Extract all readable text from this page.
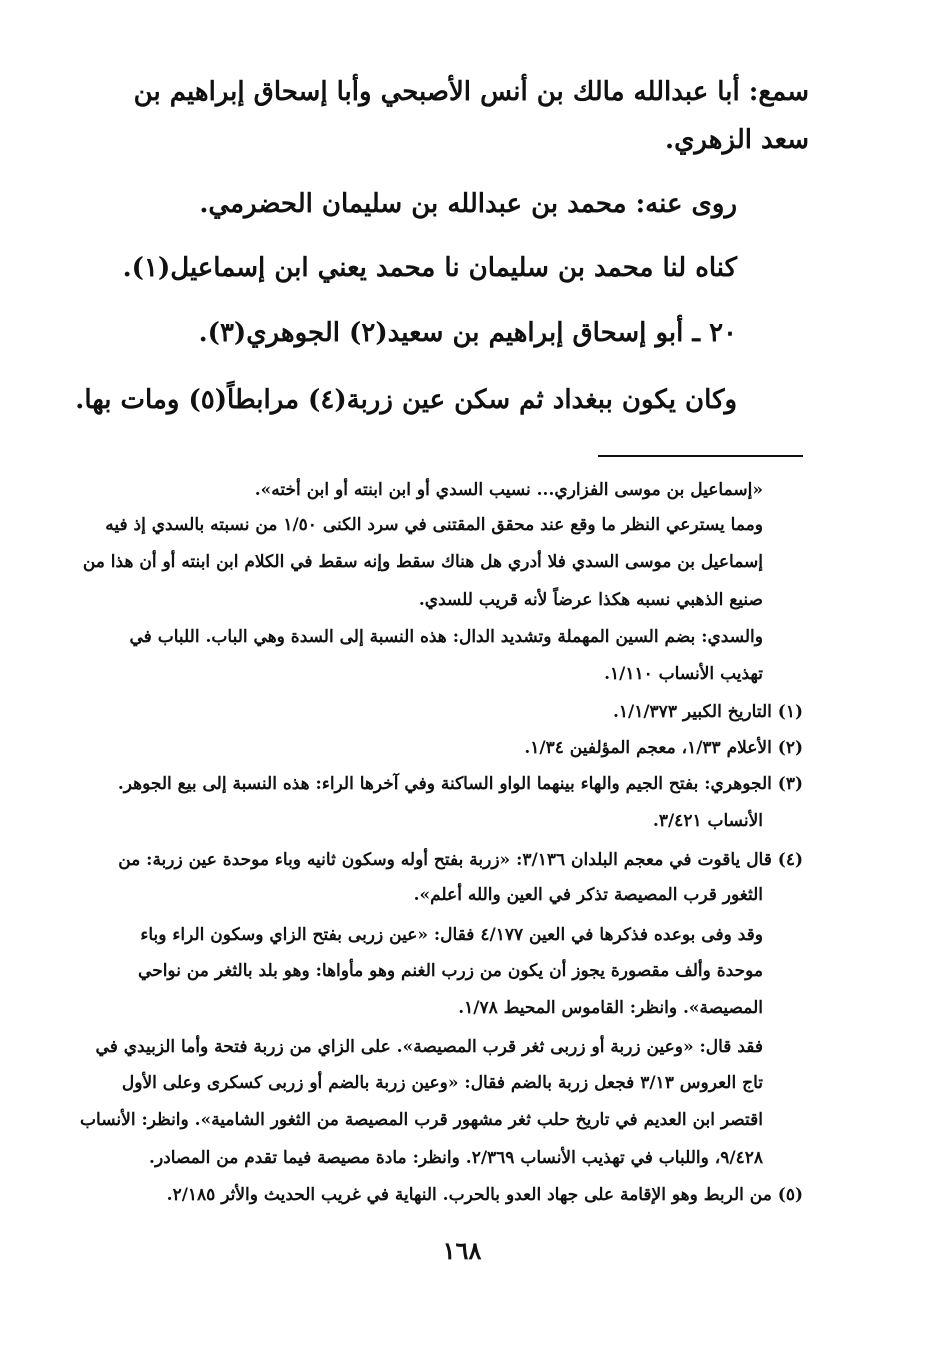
سمع: أبا عبدالله مالك بن أنس الأصبحي وأبا إسحاق إبراهيم بن

سعد الزهري.

روى عنه: محمد بن عبدالله بن سليمان الحضرمي.

كناه لنا محمد بن سليمان نا محمد يعني ابن إسماعيل(١).

٢٠ ـ أبو إسحاق إبراهيم بن سعيد(٢) الجوهري(٣).

وكان يكون ببغداد ثم سكن عين زربة(٤) مرابطاً(٥) ومات بها.

«إسماعيل بن موسى الفزاري... نسيب السدي أو ابن ابنته أو ابن أخته».

ومما يسترعي النظر ما وقع عند محقق المقتنى في سرد الكنى ١/٥٠ من نسبته بالسدي إذ فيه

إسماعيل بن موسى السدي فلا أدري هل هناك سقط وإنه سقط في الكلام ابن ابنته أو أن هذا من

صنيع الذهبي نسبه هكذا عرضاً لأنه قريب للسدي.

والسدي: بضم السين المهملة وتشديد الدال: هذه النسبة إلى السدة وهي الباب. اللباب في

تهذيب الأنساب ١/١١٠.

(١) التاريخ الكبير ١/١/٣٧٣.

(٢) الأعلام ١/٣٣، معجم المؤلفين ١/٣٤.

(٣) الجوهري: بفتح الجيم والهاء بينهما الواو الساكنة وفي آخرها الراء: هذه النسبة إلى بيع الجوهر.

الأنساب ٣/٤٢١.

(٤) قال ياقوت في معجم البلدان ٣/١٣٦: «زربة بفتح أوله وسكون ثانيه وباء موحدة عين زربة: من

الثغور قرب المصيصة تذكر في العين والله أعلم».

وقد وفى بوعده فذكرها في العين ٤/١٧٧ فقال: «عين زربى بفتح الزاي وسكون الراء وباء

موحدة وألف مقصورة يجوز أن يكون من زرب الغنم وهو مأواها: وهو بلد بالثغر من نواحي

المصيصة». وانظر: القاموس المحيط ١/٧٨.

فقد قال: «وعين زربة أو زربى ثغر قرب المصيصة». على الزاي من زربة فتحة وأما الزبيدي في

تاج العروس ٣/١٣ فجعل زربة بالضم فقال: «وعين زربة بالضم أو زربى كسكرى وعلى الأول

اقتصر ابن العديم في تاريخ حلب ثغر مشهور قرب المصيصة من الثغور الشامية». وانظر: الأنساب

٩/٤٢٨، واللباب في تهذيب الأنساب ٢/٣٦٩. وانظر: مادة مصيصة فيما تقدم من المصادر.

(٥) من الربط وهو الإقامة على جهاد العدو بالحرب. النهاية في غريب الحديث والأثر ٢/١٨٥.

١٦٨
